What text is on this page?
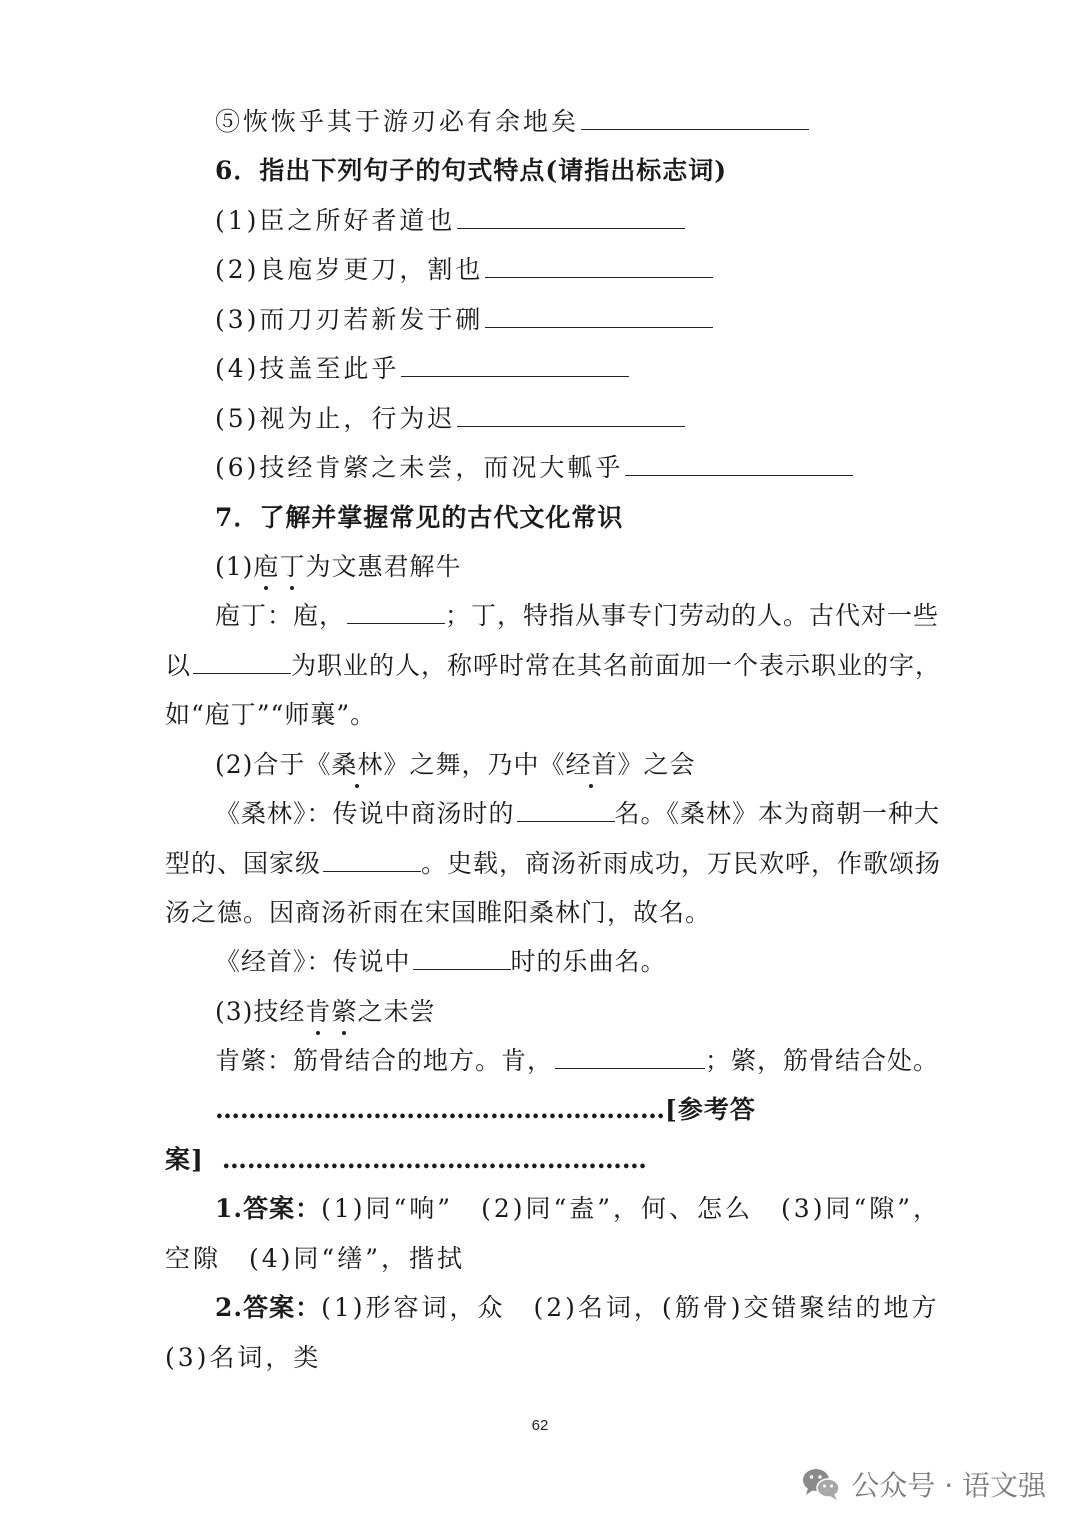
⑤恢恢乎其于游刃必有余地矣
6．指出下列句子的句式特点(请指出标志词)
(1)臣之所好者道也
(2)良庖岁更刀，割也
(3)而刀刃若新发于硎
(4)技盖至此乎
(5)视为止，行为迟
(6)技经肯綮之未尝，而况大軱乎
7．了解并掌握常见的古代文化常识
(1)庖丁为文惠君解牛
庖丁：庖，	；丁，特指从事专门劳动的人。古代对一些
以	为职业的人，称呼时常在其名前面加一个表示职业的字，
如“庖丁”“师襄”。
(2)合于《桑林》之舞，乃中《经首》之会
《桑林》：传说中商汤时的	名。《桑林》本为商朝一种大
型的、国家级	。史载，商汤祈雨成功，万民欢呼，作歌颂扬
汤之德。因商汤祈雨在宋国睢阳桑林门，故名。
《经首》：传说中	时的乐曲名。
(3)技经肯綮之未尝
肯綮：筋骨结合的地方。肯，	；綮，筋骨结合处。
………………………………………………[参考答
案] ……………………………………………
1.答案：(1)同“响”　(2)同“盍”，何、怎么　(3)同“隙”，
空隙　(4)同“缮”，揩拭
2.答案：(1)形容词，众　(2)名词，(筋骨)交错聚结的地方
(3)名词，类
62
公众号 · 语文强
